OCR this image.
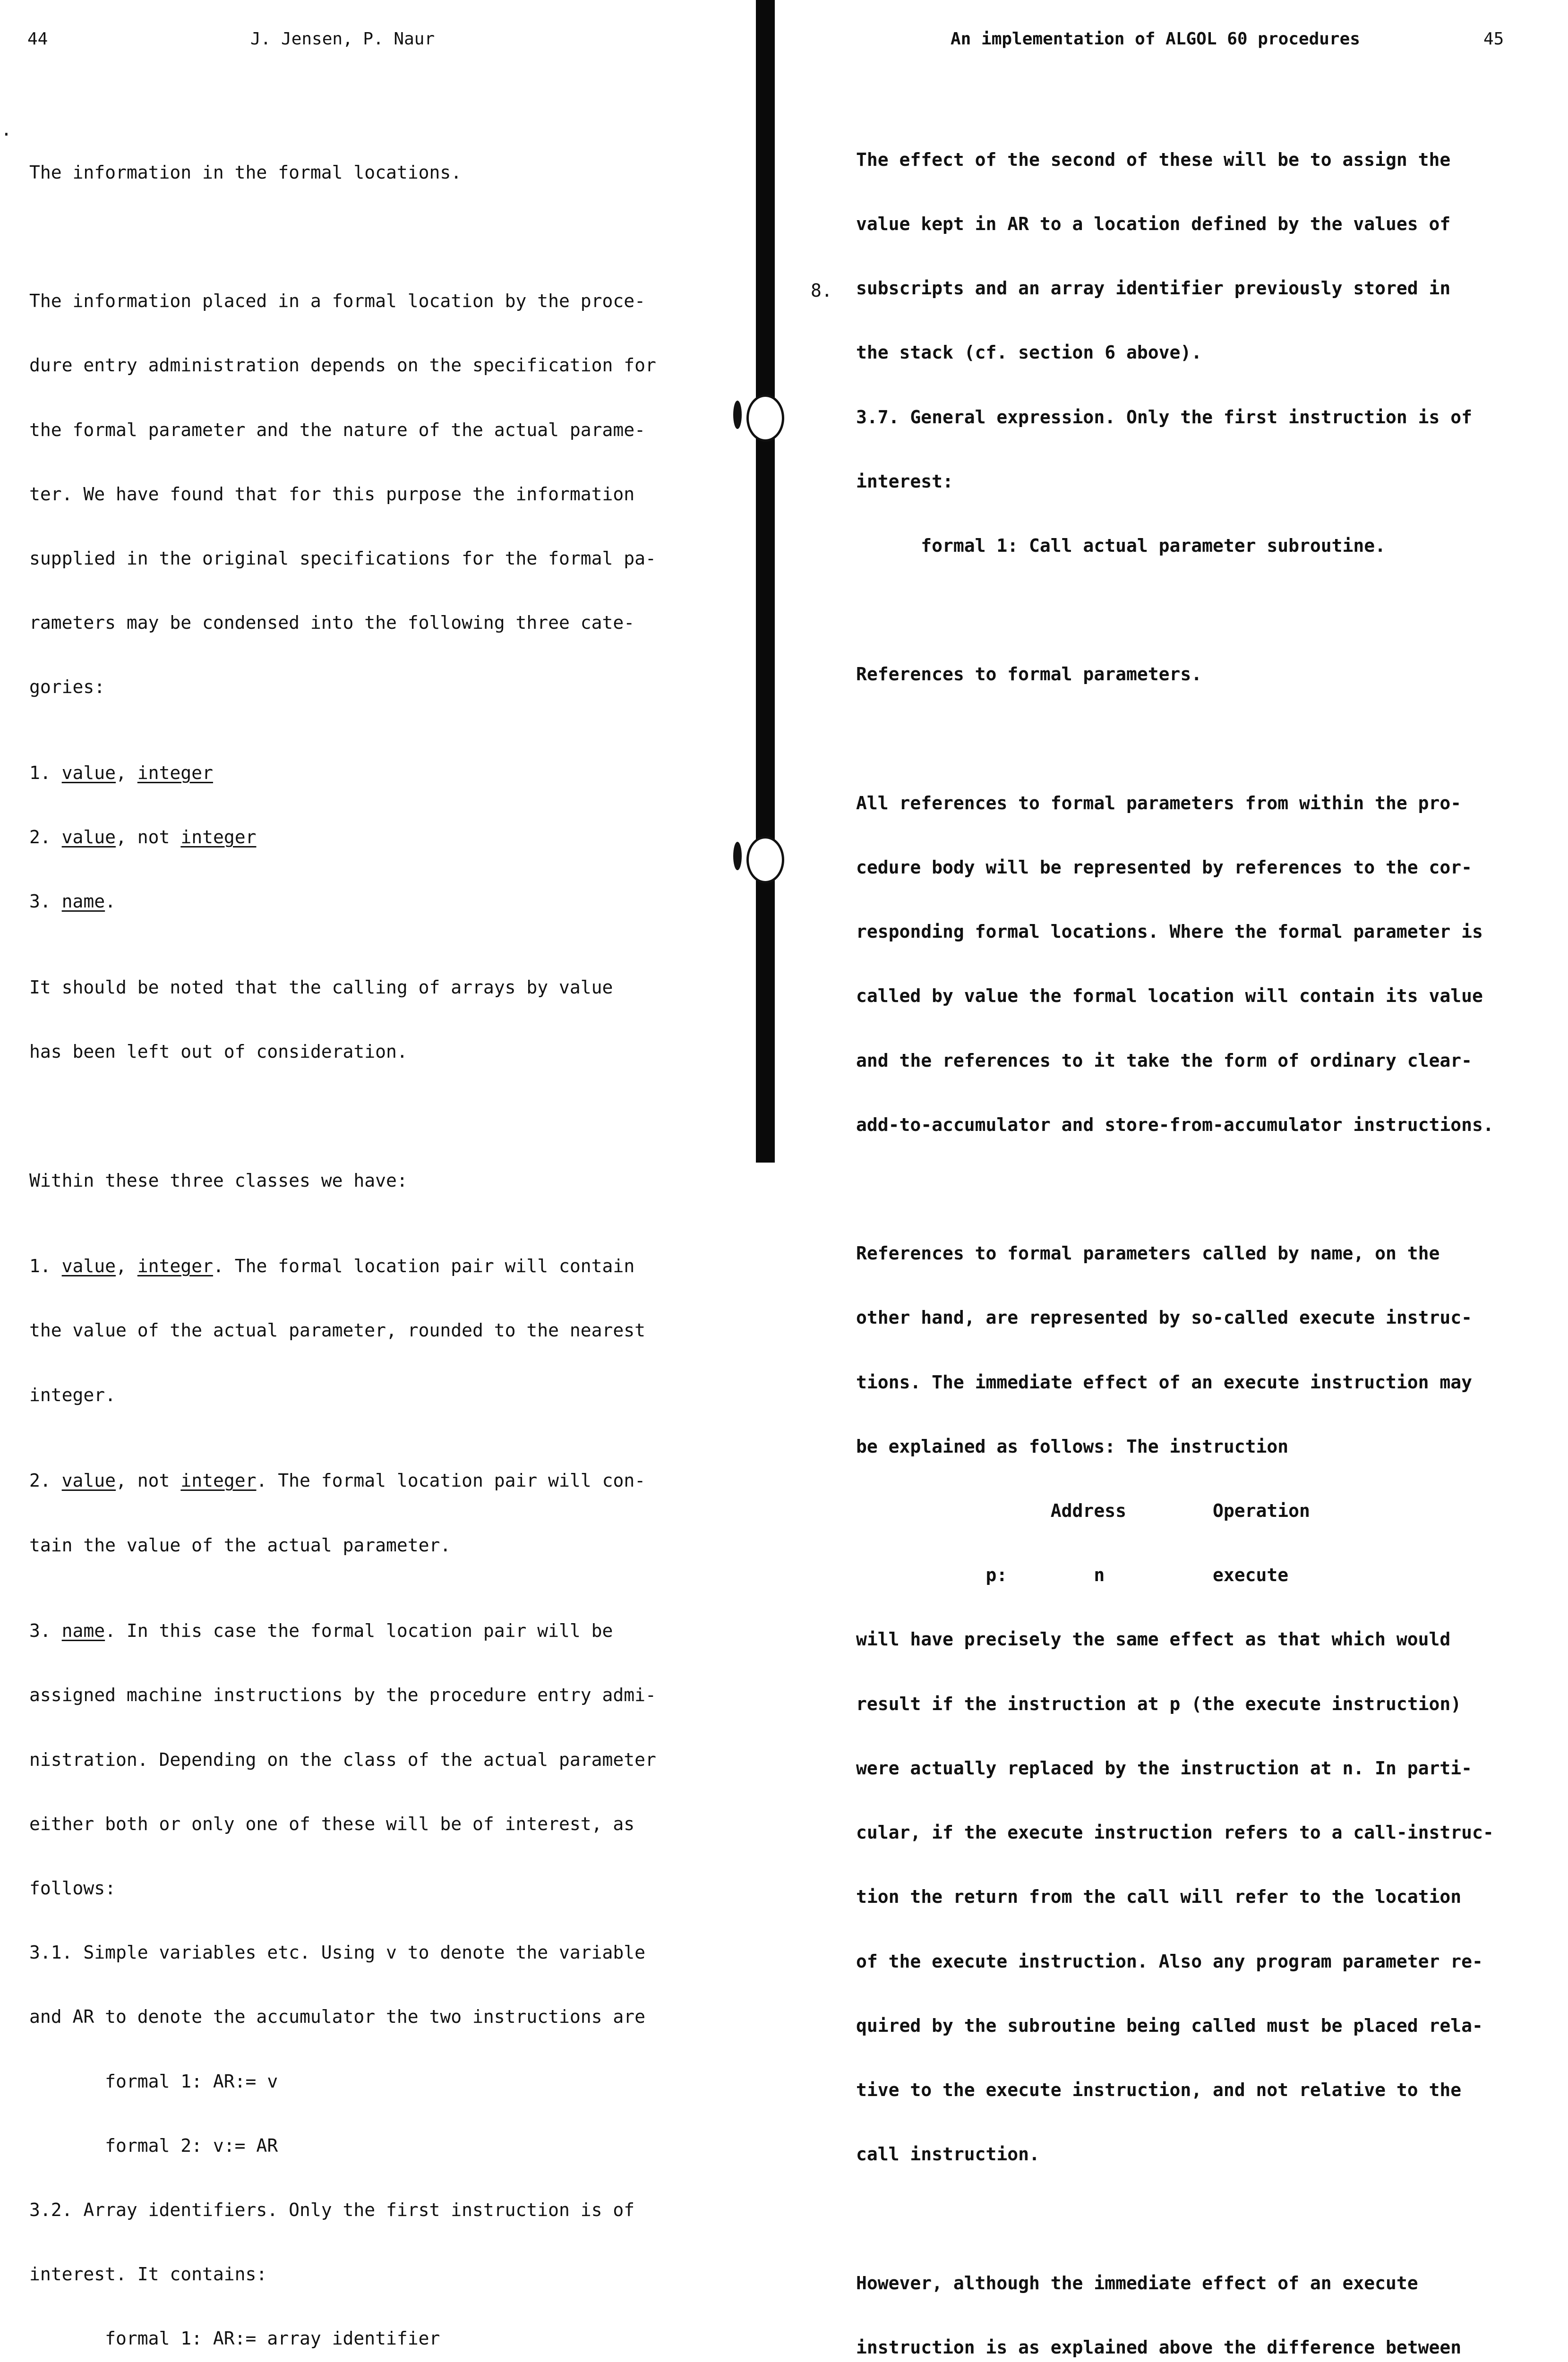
44	J. Jensen, P. Naur
.

The information in the formal locations.

The information placed in a formal location by the proce-

dure entry administration depends on the specification for

the formal parameter and the nature of the actual parame-

ter. We have found that for this purpose the information

supplied in the original specifications for the formal pa-

rameters may be condensed into the following three cate-

gories:

1. value, integer

2. value, not integer

3. name.

It should be noted that the calling of arrays by value

has been left out of consideration.

Within these three classes we have:

1. value, integer. The formal location pair will contain

the value of the actual parameter, rounded to the nearest

integer.

2. value, not integer. The formal location pair will con-

tain the value of the actual parameter.

3. name. In this case the formal location pair will be

assigned machine instructions by the procedure entry admi-

nistration. Depending on the class of the actual parameter

either both or only one of these will be of interest, as

follows:

3.1. Simple variables etc. Using v to denote the variable

and AR to denote the accumulator the two instructions are

formal 1: AR:= v

formal 2: v:= AR

3.2. Array identifiers. Only the first instruction is of

interest. It contains:

formal 1: AR:= array identifier

An implementation of ALGOL 60 procedures	45

The effect of the second of these will be to assign the

value kept in AR to a location defined by the values of

subscripts and an array identifier previously stored in

the stack (cf. section 6 above).

3.7. General expression. Only the first instruction is of

interest:

formal 1: Call actual parameter subroutine.

References to formal parameters.

All references to formal parameters from within the pro-

cedure body will be represented by references to the cor-

responding formal locations. Where the formal parameter is

called by value the formal location will contain its value

and the references to it take the form of ordinary clear-

add-to-accumulator and store-from-accumulator instructions.

References to formal parameters called by name, on the

other hand, are represented by so-called execute instruc-

tions. The immediate effect of an execute instruction may

be explained as follows: The instruction

Address        Operation

p:        n          execute

will have precisely the same effect as that which would

result if the instruction at p (the execute instruction)

were actually replaced by the instruction at n. In parti-

cular, if the execute instruction refers to a call-instruc-

tion the return from the call will refer to the location

of the execute instruction. Also any program parameter re-

quired by the subroutine being called must be placed rela-

tive to the execute instruction, and not relative to the

call instruction.

However, although the immediate effect of an execute

instruction is as explained above the difference between

8.
